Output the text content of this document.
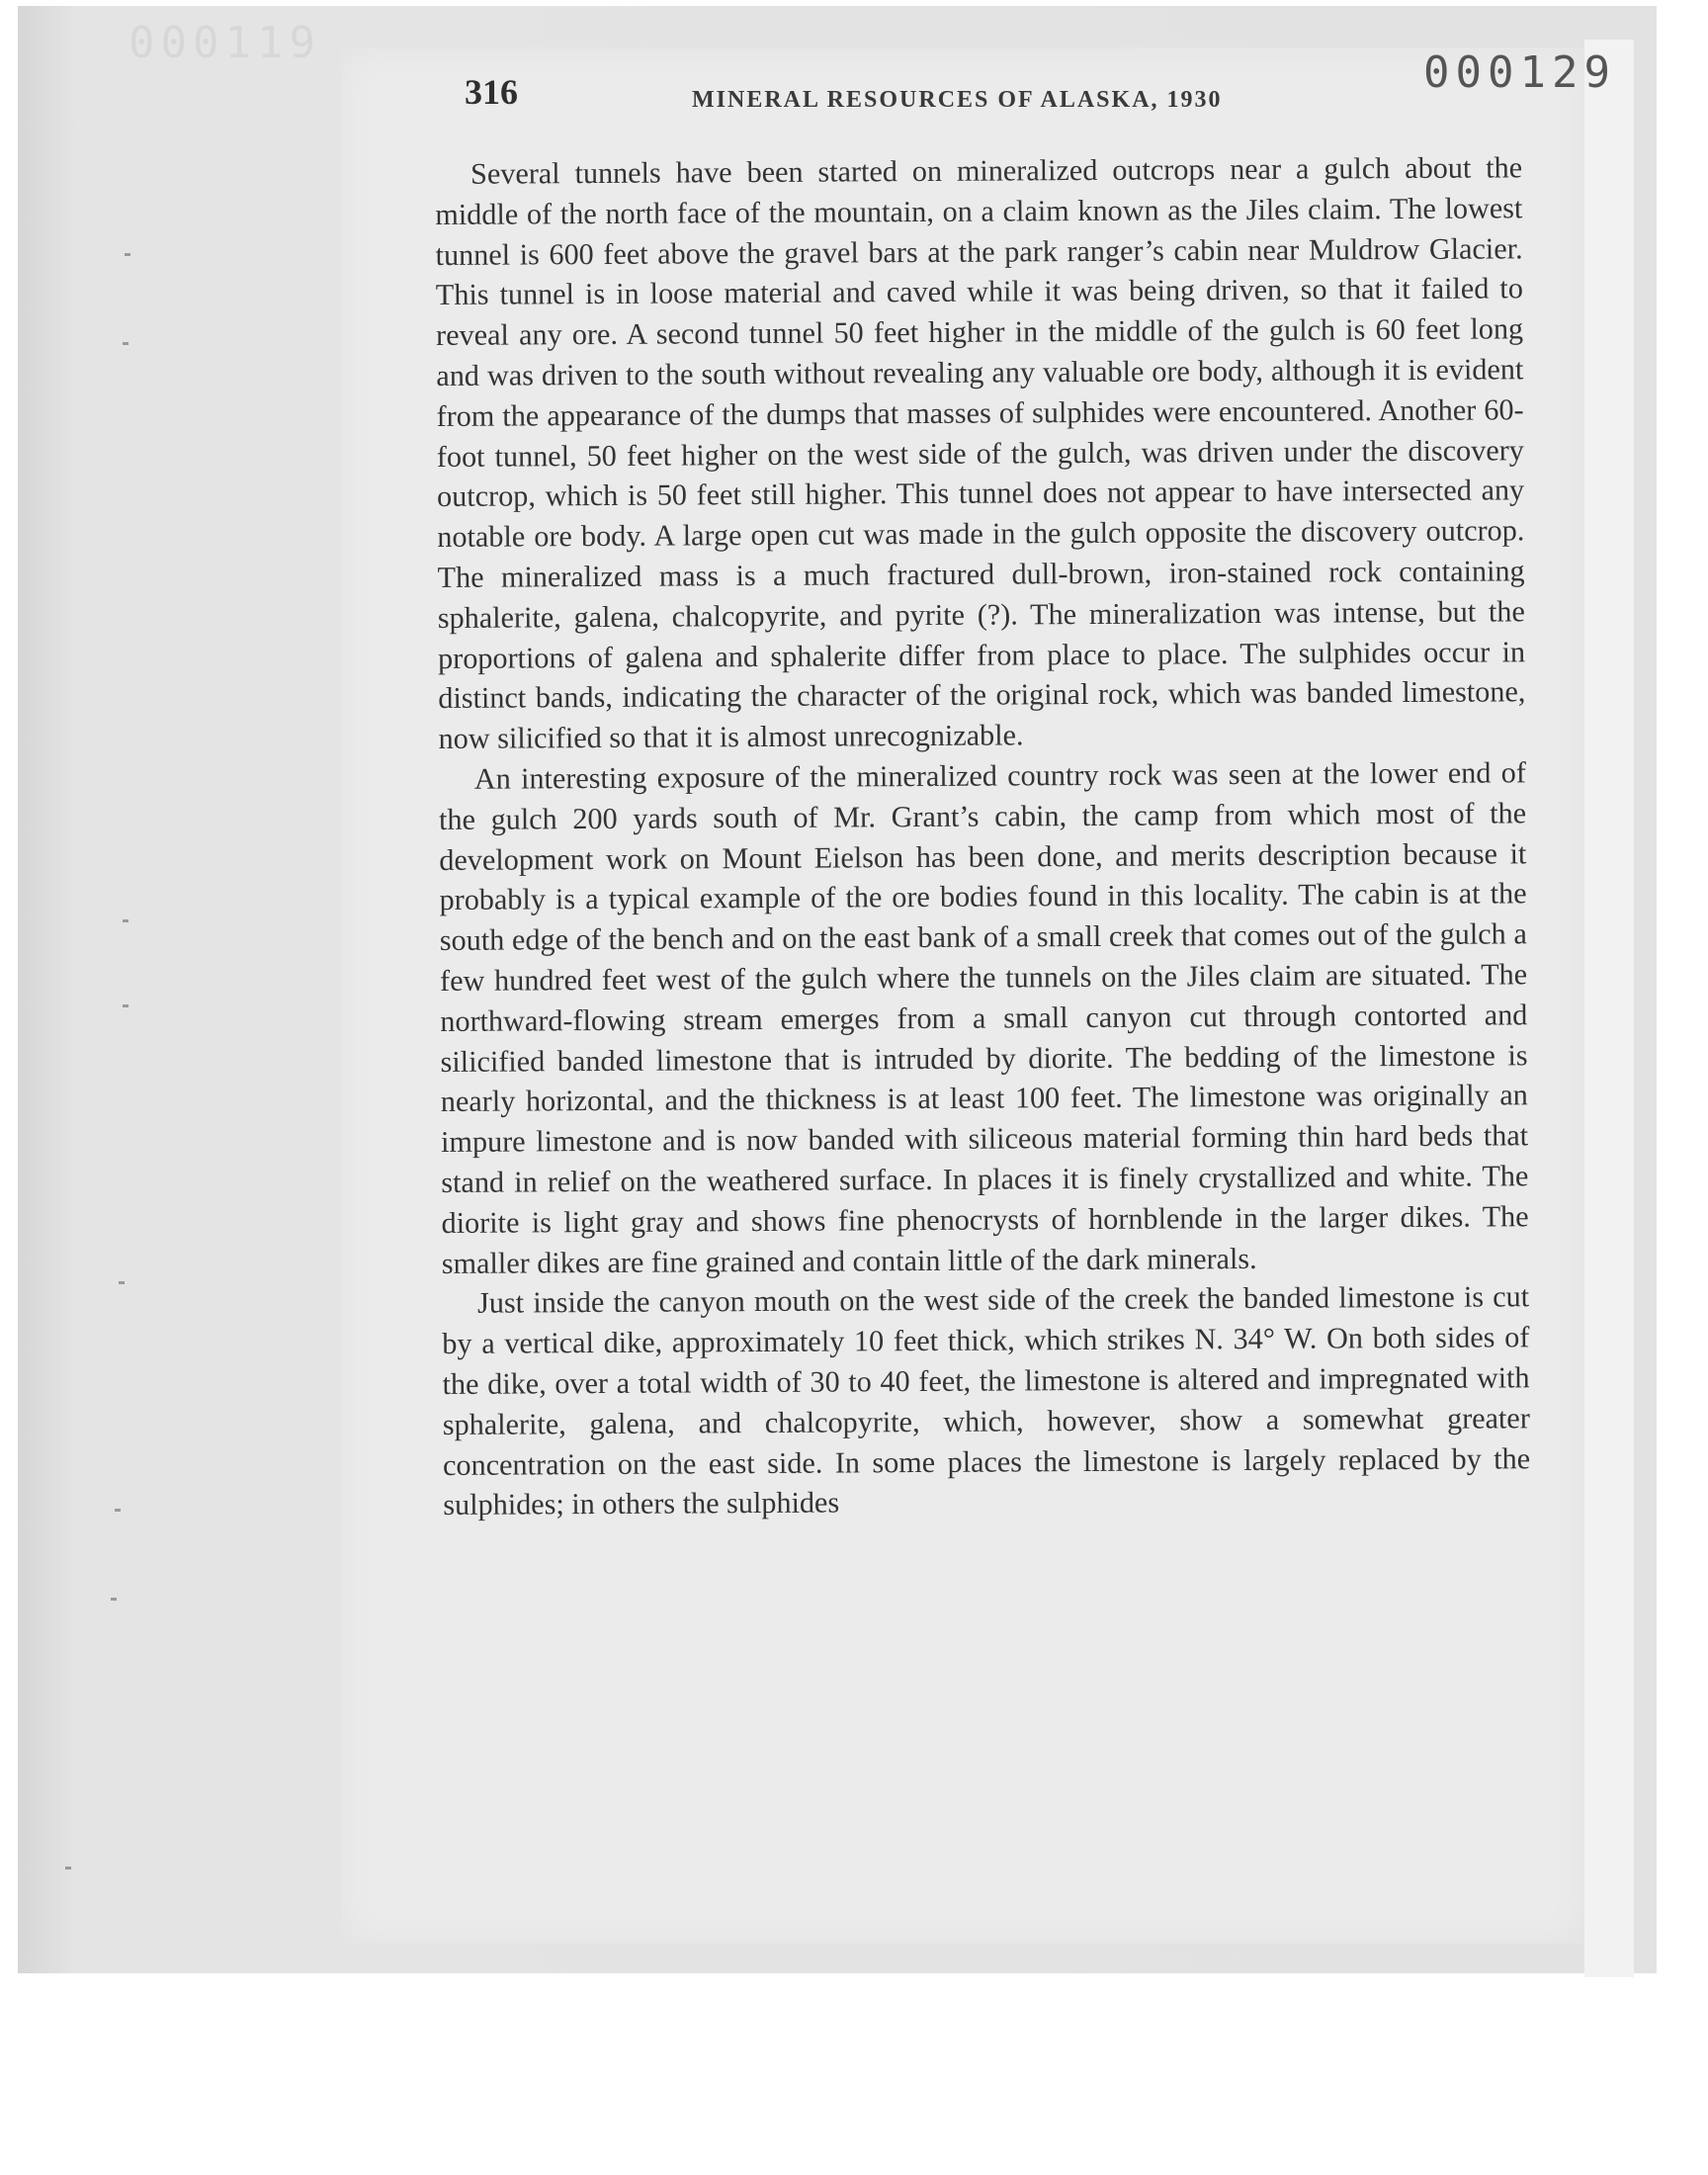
000119
316	MINERAL RESOURCES OF ALASKA, 1930
000129

Several tunnels have been started on mineralized outcrops near a gulch about the middle of the north face of the mountain, on a claim known as the Jiles claim. The lowest tunnel is 600 feet above the gravel bars at the park ranger’s cabin near Muldrow Glacier. This tunnel is in loose material and caved while it was being driven, so that it failed to reveal any ore. A second tunnel 50 feet higher in the middle of the gulch is 60 feet long and was driven to the south without revealing any valuable ore body, although it is evident from the appearance of the dumps that masses of sulphides were encountered. Another 60-foot tunnel, 50 feet higher on the west side of the gulch, was driven under the discovery outcrop, which is 50 feet still higher. This tunnel does not appear to have intersected any notable ore body. A large open cut was made in the gulch opposite the discovery outcrop. The mineralized mass is a much fractured dull-brown, iron-stained rock containing sphalerite, galena, chalcopyrite, and pyrite (?). The mineralization was intense, but the proportions of galena and sphalerite differ from place to place. The sulphides occur in distinct bands, indicating the character of the original rock, which was banded limestone, now silicified so that it is almost unrecognizable.

An interesting exposure of the mineralized country rock was seen at the lower end of the gulch 200 yards south of Mr. Grant’s cabin, the camp from which most of the development work on Mount Eielson has been done, and merits description because it probably is a typical example of the ore bodies found in this locality. The cabin is at the south edge of the bench and on the east bank of a small creek that comes out of the gulch a few hundred feet west of the gulch where the tunnels on the Jiles claim are situated. The northward-flowing stream emerges from a small canyon cut through contorted and silicified banded limestone that is intruded by diorite. The bedding of the limestone is nearly horizontal, and the thickness is at least 100 feet. The limestone was originally an impure limestone and is now banded with siliceous material forming thin hard beds that stand in relief on the weathered surface. In places it is finely crystallized and white. The diorite is light gray and shows fine phenocrysts of hornblende in the larger dikes. The smaller dikes are fine grained and contain little of the dark minerals.

Just inside the canyon mouth on the west side of the creek the banded limestone is cut by a vertical dike, approximately 10 feet thick, which strikes N. 34° W. On both sides of the dike, over a total width of 30 to 40 feet, the limestone is altered and impregnated with sphalerite, galena, and chalcopyrite, which, however, show a somewhat greater concentration on the east side. In some places the limestone is largely replaced by the sulphides; in others the sulphides
